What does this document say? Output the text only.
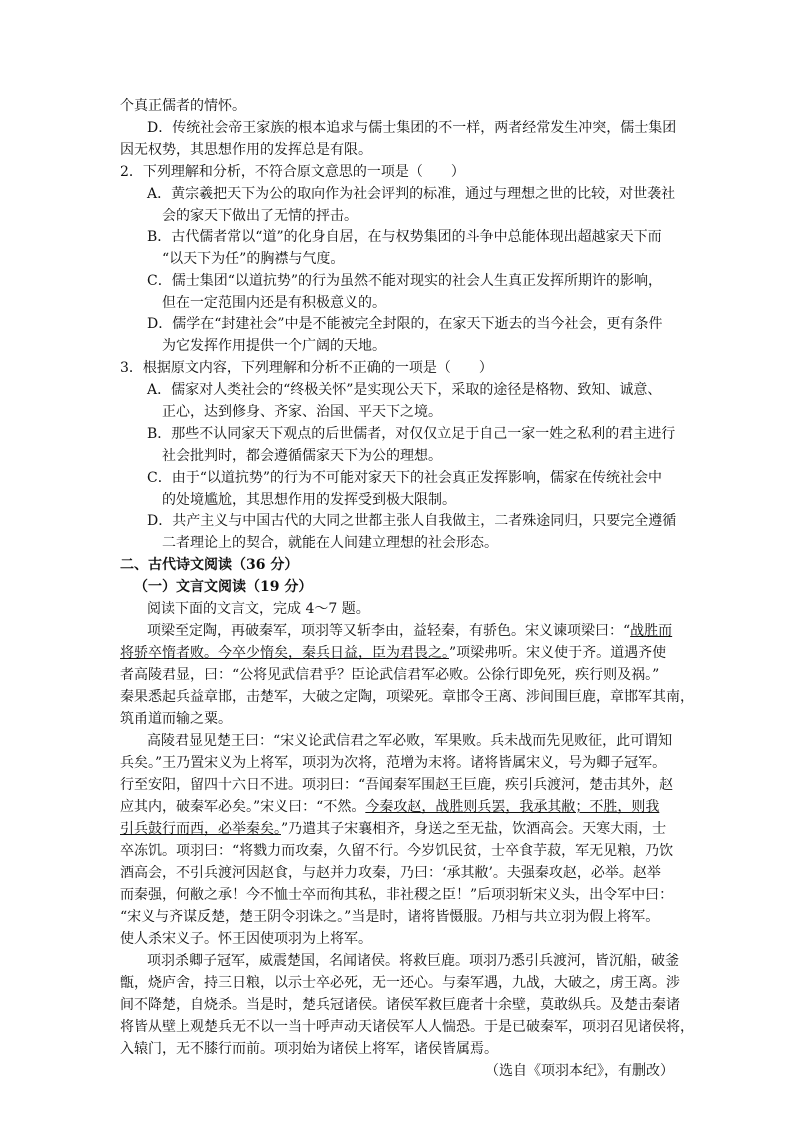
个真正儒者的情怀。
D．传统社会帝王家族的根本追求与儒士集团的不一样，两者经常发生冲突，儒士集团
因无权势，其思想作用的发挥总是有限。
2．下列理解和分析，不符合原文意思的一项是（　　）
A．黄宗羲把天下为公的取向作为社会评判的标准，通过与理想之世的比较，对世袭社
会的家天下做出了无情的抨击。
B．古代儒者常以“道”的化身自居，在与权势集团的斗争中总能体现出超越家天下而
“以天下为任”的胸襟与气度。
C．儒士集团“以道抗势”的行为虽然不能对现实的社会人生真正发挥所期许的影响，
但在一定范围内还是有积极意义的。
D．儒学在“封建社会”中是不能被完全封限的，在家天下逝去的当今社会，更有条件
为它发挥作用提供一个广阔的天地。
3．根据原文内容，下列理解和分析不正确的一项是（　　）
A．儒家对人类社会的“终极关怀”是实现公天下，采取的途径是格物、致知、诚意、
正心，达到修身、齐家、治国、平天下之境。
B．那些不认同家天下观点的后世儒者，对仅仅立足于自己一家一姓之私利的君主进行
社会批判时，都会遵循儒家天下为公的理想。
C．由于“以道抗势”的行为不可能对家天下的社会真正发挥影响，儒家在传统社会中
的处境尴尬，其思想作用的发挥受到极大限制。
D．共产主义与中国古代的大同之世都主张人自我做主，二者殊途同归，只要完全遵循
二者理论上的契合，就能在人间建立理想的社会形态。
二、古代诗文阅读（36 分）
（一）文言文阅读（19 分）
阅读下面的文言文，完成 4～7 题。
项梁至定陶，再破秦军，项羽等又斩李由，益轻秦，有骄色。宋义谏项梁曰：“战胜而
将骄卒惰者败。今卒少惰矣，秦兵日益，臣为君畏之。”项梁弗听。宋义使于齐。道遇齐使
者高陵君显，曰：“公将见武信君乎？臣论武信君军必败。公徐行即免死，疾行则及祸。”
秦果悉起兵益章邯，击楚军，大破之定陶，项梁死。章邯令王离、涉间围巨鹿，章邯军其南，
筑甬道而输之粟。
高陵君显见楚王曰：“宋义论武信君之军必败，军果败。兵未战而先见败征，此可谓知
兵矣。”王乃置宋义为上将军，项羽为次将，范增为末将。诸将皆属宋义，号为卿子冠军。
行至安阳，留四十六日不进。项羽曰：“吾闻秦军围赵王巨鹿，疾引兵渡河，楚击其外，赵
应其内，破秦军必矣。”宋义曰：“不然。今秦攻赵，战胜则兵罢，我承其敝；不胜，则我
引兵鼓行而西，必举秦矣。”乃遣其子宋襄相齐，身送之至无盐，饮酒高会。天寒大雨，士
卒冻饥。项羽曰：“将戮力而攻秦，久留不行。今岁饥民贫，士卒食芋菽，军无见粮，乃饮
酒高会，不引兵渡河因赵食，与赵并力攻秦，乃曰：‘承其敝’。夫强秦攻赵，必举。赵举
而秦强，何敝之承！今不恤士卒而徇其私，非社稷之臣！”后项羽斩宋义头，出令军中曰：
“宋义与齐谋反楚，楚王阴令羽诛之。”当是时，诸将皆慑服。乃相与共立羽为假上将军。
使人杀宋义子。怀王因使项羽为上将军。
项羽杀卿子冠军，威震楚国，名闻诸侯。将救巨鹿。项羽乃悉引兵渡河，皆沉船，破釜
甑，烧庐舍，持三日粮，以示士卒必死，无一还心。与秦军遇，九战，大破之，虏王离。涉
间不降楚，自烧杀。当是时，楚兵冠诸侯。诸侯军救巨鹿者十余壁，莫敢纵兵。及楚击秦诸
将皆从壁上观楚兵无不以一当十呼声动天诸侯军人人惴恐。于是已破秦军，项羽召见诸侯将，
入辕门，无不膝行而前。项羽始为诸侯上将军，诸侯皆属焉。
（选自《项羽本纪》，有删改）
